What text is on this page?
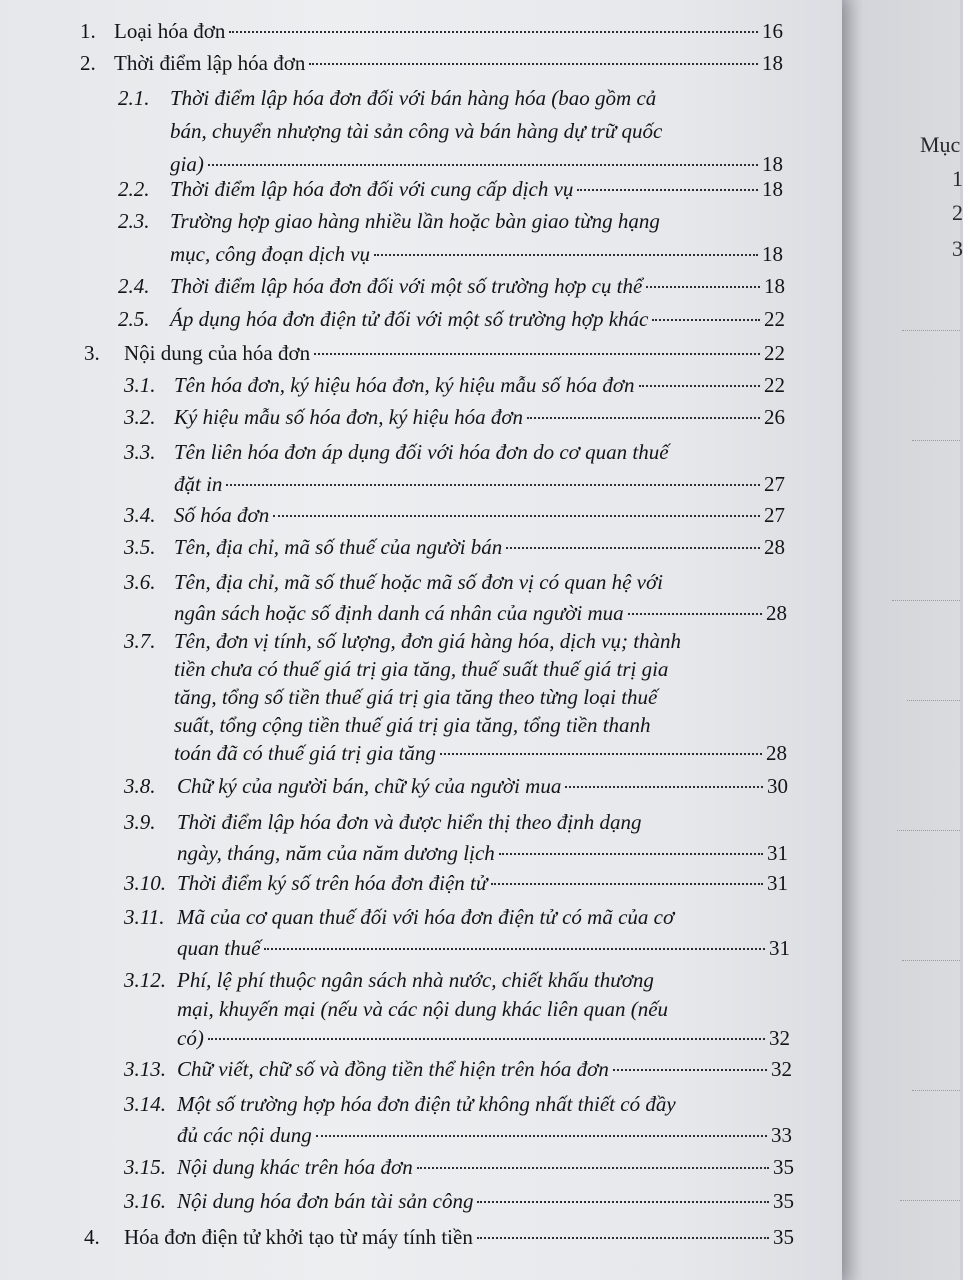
Mục
1
2
3
1. Loại hóa đơn	16
2. Thời điểm lập hóa đơn	18
2.1. Thời điểm lập hóa đơn đối với bán hàng hóa (bao gồm cả
bán, chuyển nhượng tài sản công và bán hàng dự trữ quốc
gia)	18
2.2. Thời điểm lập hóa đơn đối với cung cấp dịch vụ	18
2.3. Trường hợp giao hàng nhiều lần hoặc bàn giao từng hạng
mục, công đoạn dịch vụ	18
2.4. Thời điểm lập hóa đơn đối với một số trường hợp cụ thể	18
2.5. Áp dụng hóa đơn điện tử đối với một số trường hợp khác	22
3. Nội dung của hóa đơn	22
3.1. Tên hóa đơn, ký hiệu hóa đơn, ký hiệu mẫu số hóa đơn	22
3.2. Ký hiệu mẫu số hóa đơn, ký hiệu hóa đơn	26
3.3. Tên liên hóa đơn áp dụng đối với hóa đơn do cơ quan thuế
đặt in	27
3.4. Số hóa đơn	27
3.5. Tên, địa chỉ, mã số thuế của người bán	28
3.6. Tên, địa chỉ, mã số thuế hoặc mã số đơn vị có quan hệ với
ngân sách hoặc số định danh cá nhân của người mua	28
3.7. Tên, đơn vị tính, số lượng, đơn giá hàng hóa, dịch vụ; thành
tiền chưa có thuế giá trị gia tăng, thuế suất thuế giá trị gia
tăng, tổng số tiền thuế giá trị gia tăng theo từng loại thuế
suất, tổng cộng tiền thuế giá trị gia tăng, tổng tiền thanh
toán đã có thuế giá trị gia tăng	28
3.8. Chữ ký của người bán, chữ ký của người mua	30
3.9. Thời điểm lập hóa đơn và được hiển thị theo định dạng
ngày, tháng, năm của năm dương lịch	31
3.10. Thời điểm ký số trên hóa đơn điện tử	31
3.11. Mã của cơ quan thuế đối với hóa đơn điện tử có mã của cơ
quan thuế	31
3.12. Phí, lệ phí thuộc ngân sách nhà nước, chiết khấu thương
mại, khuyến mại (nếu và các nội dung khác liên quan (nếu
có)	32
3.13. Chữ viết, chữ số và đồng tiền thể hiện trên hóa đơn	32
3.14. Một số trường hợp hóa đơn điện tử không nhất thiết có đầy
đủ các nội dung	33
3.15. Nội dung khác trên hóa đơn	35
3.16. Nội dung hóa đơn bán tài sản công	35
4. Hóa đơn điện tử khởi tạo từ máy tính tiền	35
